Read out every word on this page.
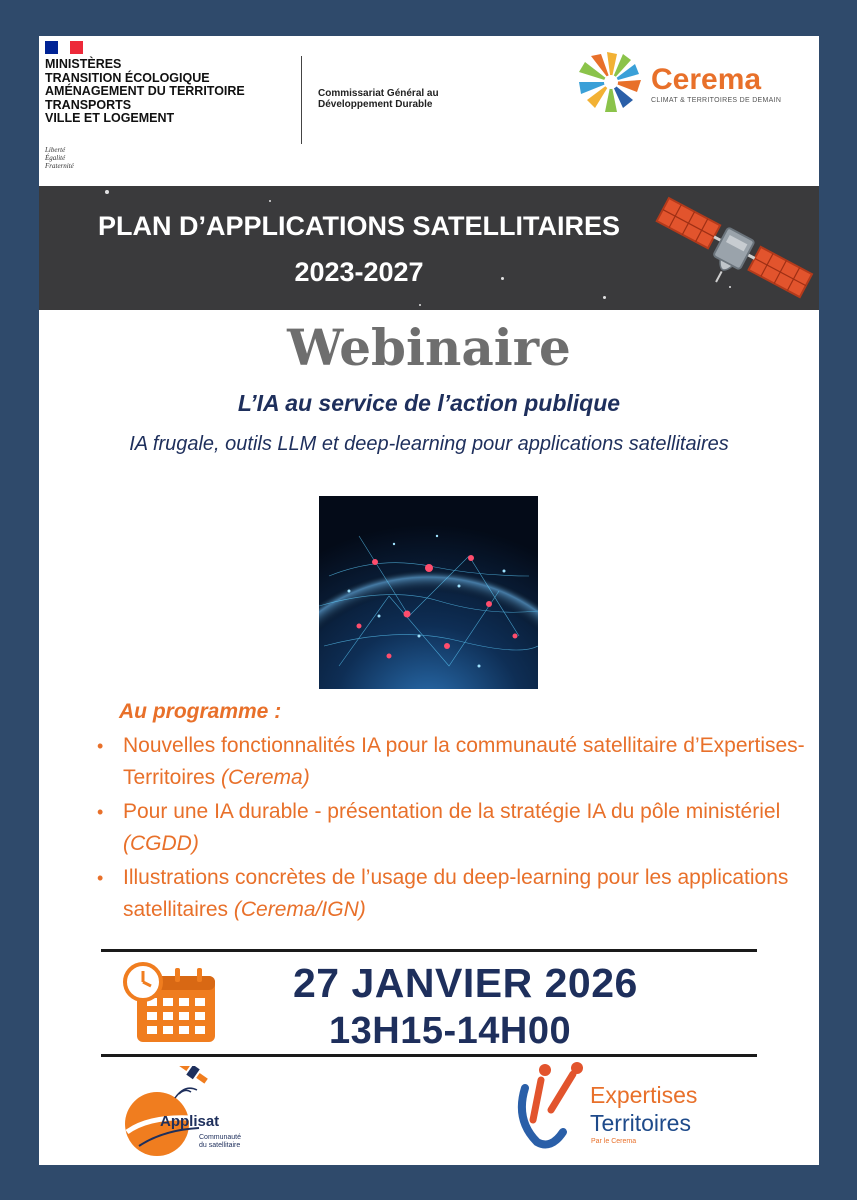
MINISTÈRES
TRANSITION ÉCOLOGIQUE
AMÉNAGEMENT DU TERRITOIRE
TRANSPORTS
VILLE ET LOGEMENT
Liberté
Égalité
Fraternité
Commissariat Général au
Développement Durable
Cerema
CLIMAT & TERRITOIRES DE DEMAIN
PLAN D’APPLICATIONS SATELLITAIRES
2023-2027
Webinaire
L’IA au service de l’action publique
IA frugale, outils LLM et deep-learning pour applications satellitaires
Au programme :
• Nouvelles fonctionnalités IA pour la communauté satellitaire d’Expertises-Territoires (Cerema)
• Pour une IA durable - présentation de la stratégie IA du pôle ministériel (CGDD)
• Illustrations concrètes de l’usage du deep-learning pour les applications satellitaires (Cerema/IGN)
27 JANVIER 2026
13H15-14H00
Applisat
Communauté
du satellitaire
Expertises
Territoires
Par le Cerema
